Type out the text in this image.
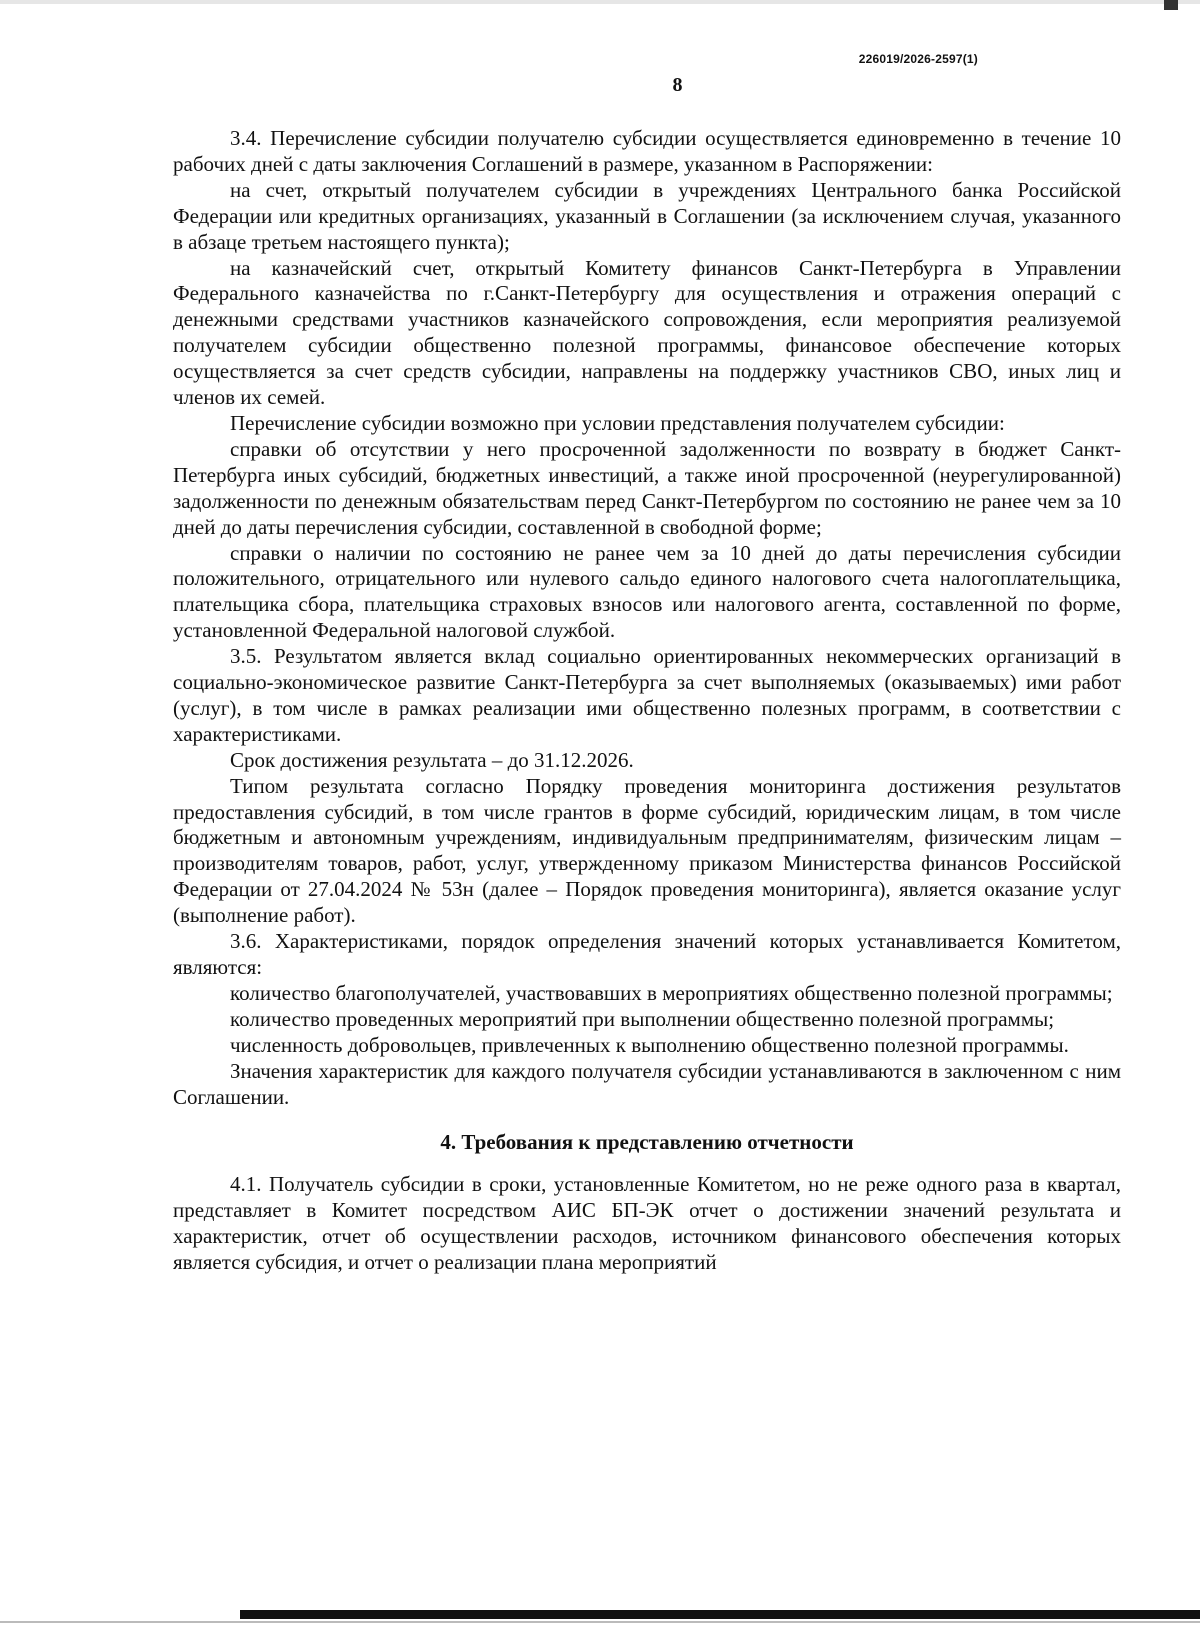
226019/2026-2597(1)
8

3.4. Перечисление субсидии получателю субсидии осуществляется единовременно в течение 10 рабочих дней с даты заключения Соглашений в размере, указанном в Распоряжении:

на счет, открытый получателем субсидии в учреждениях Центрального банка Российской Федерации или кредитных организациях, указанный в Соглашении (за исключением случая, указанного в абзаце третьем настоящего пункта);

на казначейский счет, открытый Комитету финансов Санкт-Петербурга в Управлении Федерального казначейства по г.Санкт-Петербургу для осуществления и отражения операций с денежными средствами участников казначейского сопровождения, если мероприятия реализуемой получателем субсидии общественно полезной программы, финансовое обеспечение которых осуществляется за счет средств субсидии, направлены на поддержку участников СВО, иных лиц и членов их семей.

Перечисление субсидии возможно при условии представления получателем субсидии:

справки об отсутствии у него просроченной задолженности по возврату в бюджет Санкт-Петербурга иных субсидий, бюджетных инвестиций, а также иной просроченной (неурегулированной) задолженности по денежным обязательствам перед Санкт-Петербургом по состоянию не ранее чем за 10 дней до даты перечисления субсидии, составленной в свободной форме;

справки о наличии по состоянию не ранее чем за 10 дней до даты перечисления субсидии положительного, отрицательного или нулевого сальдо единого налогового счета налогоплательщика, плательщика сбора, плательщика страховых взносов или налогового агента, составленной по форме, установленной Федеральной налоговой службой.

3.5. Результатом является вклад социально ориентированных некоммерческих организаций в социально-экономическое развитие Санкт-Петербурга за счет выполняемых (оказываемых) ими работ (услуг), в том числе в рамках реализации ими общественно полезных программ, в соответствии с характеристиками.

Срок достижения результата – до 31.12.2026.

Типом результата согласно Порядку проведения мониторинга достижения результатов предоставления субсидий, в том числе грантов в форме субсидий, юридическим лицам, в том числе бюджетным и автономным учреждениям, индивидуальным предпринимателям, физическим лицам – производителям товаров, работ, услуг, утвержденному приказом Министерства финансов Российской Федерации от 27.04.2024 № 53н (далее – Порядок проведения мониторинга), является оказание услуг (выполнение работ).

3.6. Характеристиками, порядок определения значений которых устанавливается Комитетом, являются:

количество благополучателей, участвовавших в мероприятиях общественно полезной программы;

количество проведенных мероприятий при выполнении общественно полезной программы;

численность добровольцев, привлеченных к выполнению общественно полезной программы.

Значения характеристик для каждого получателя субсидии устанавливаются в заключенном с ним Соглашении.

4. Требования к представлению отчетности

4.1. Получатель субсидии в сроки, установленные Комитетом, но не реже одного раза в квартал, представляет в Комитет посредством АИС БП-ЭК отчет о достижении значений результата и характеристик, отчет об осуществлении расходов, источником финансового обеспечения которых является субсидия, и отчет о реализации плана мероприятий
